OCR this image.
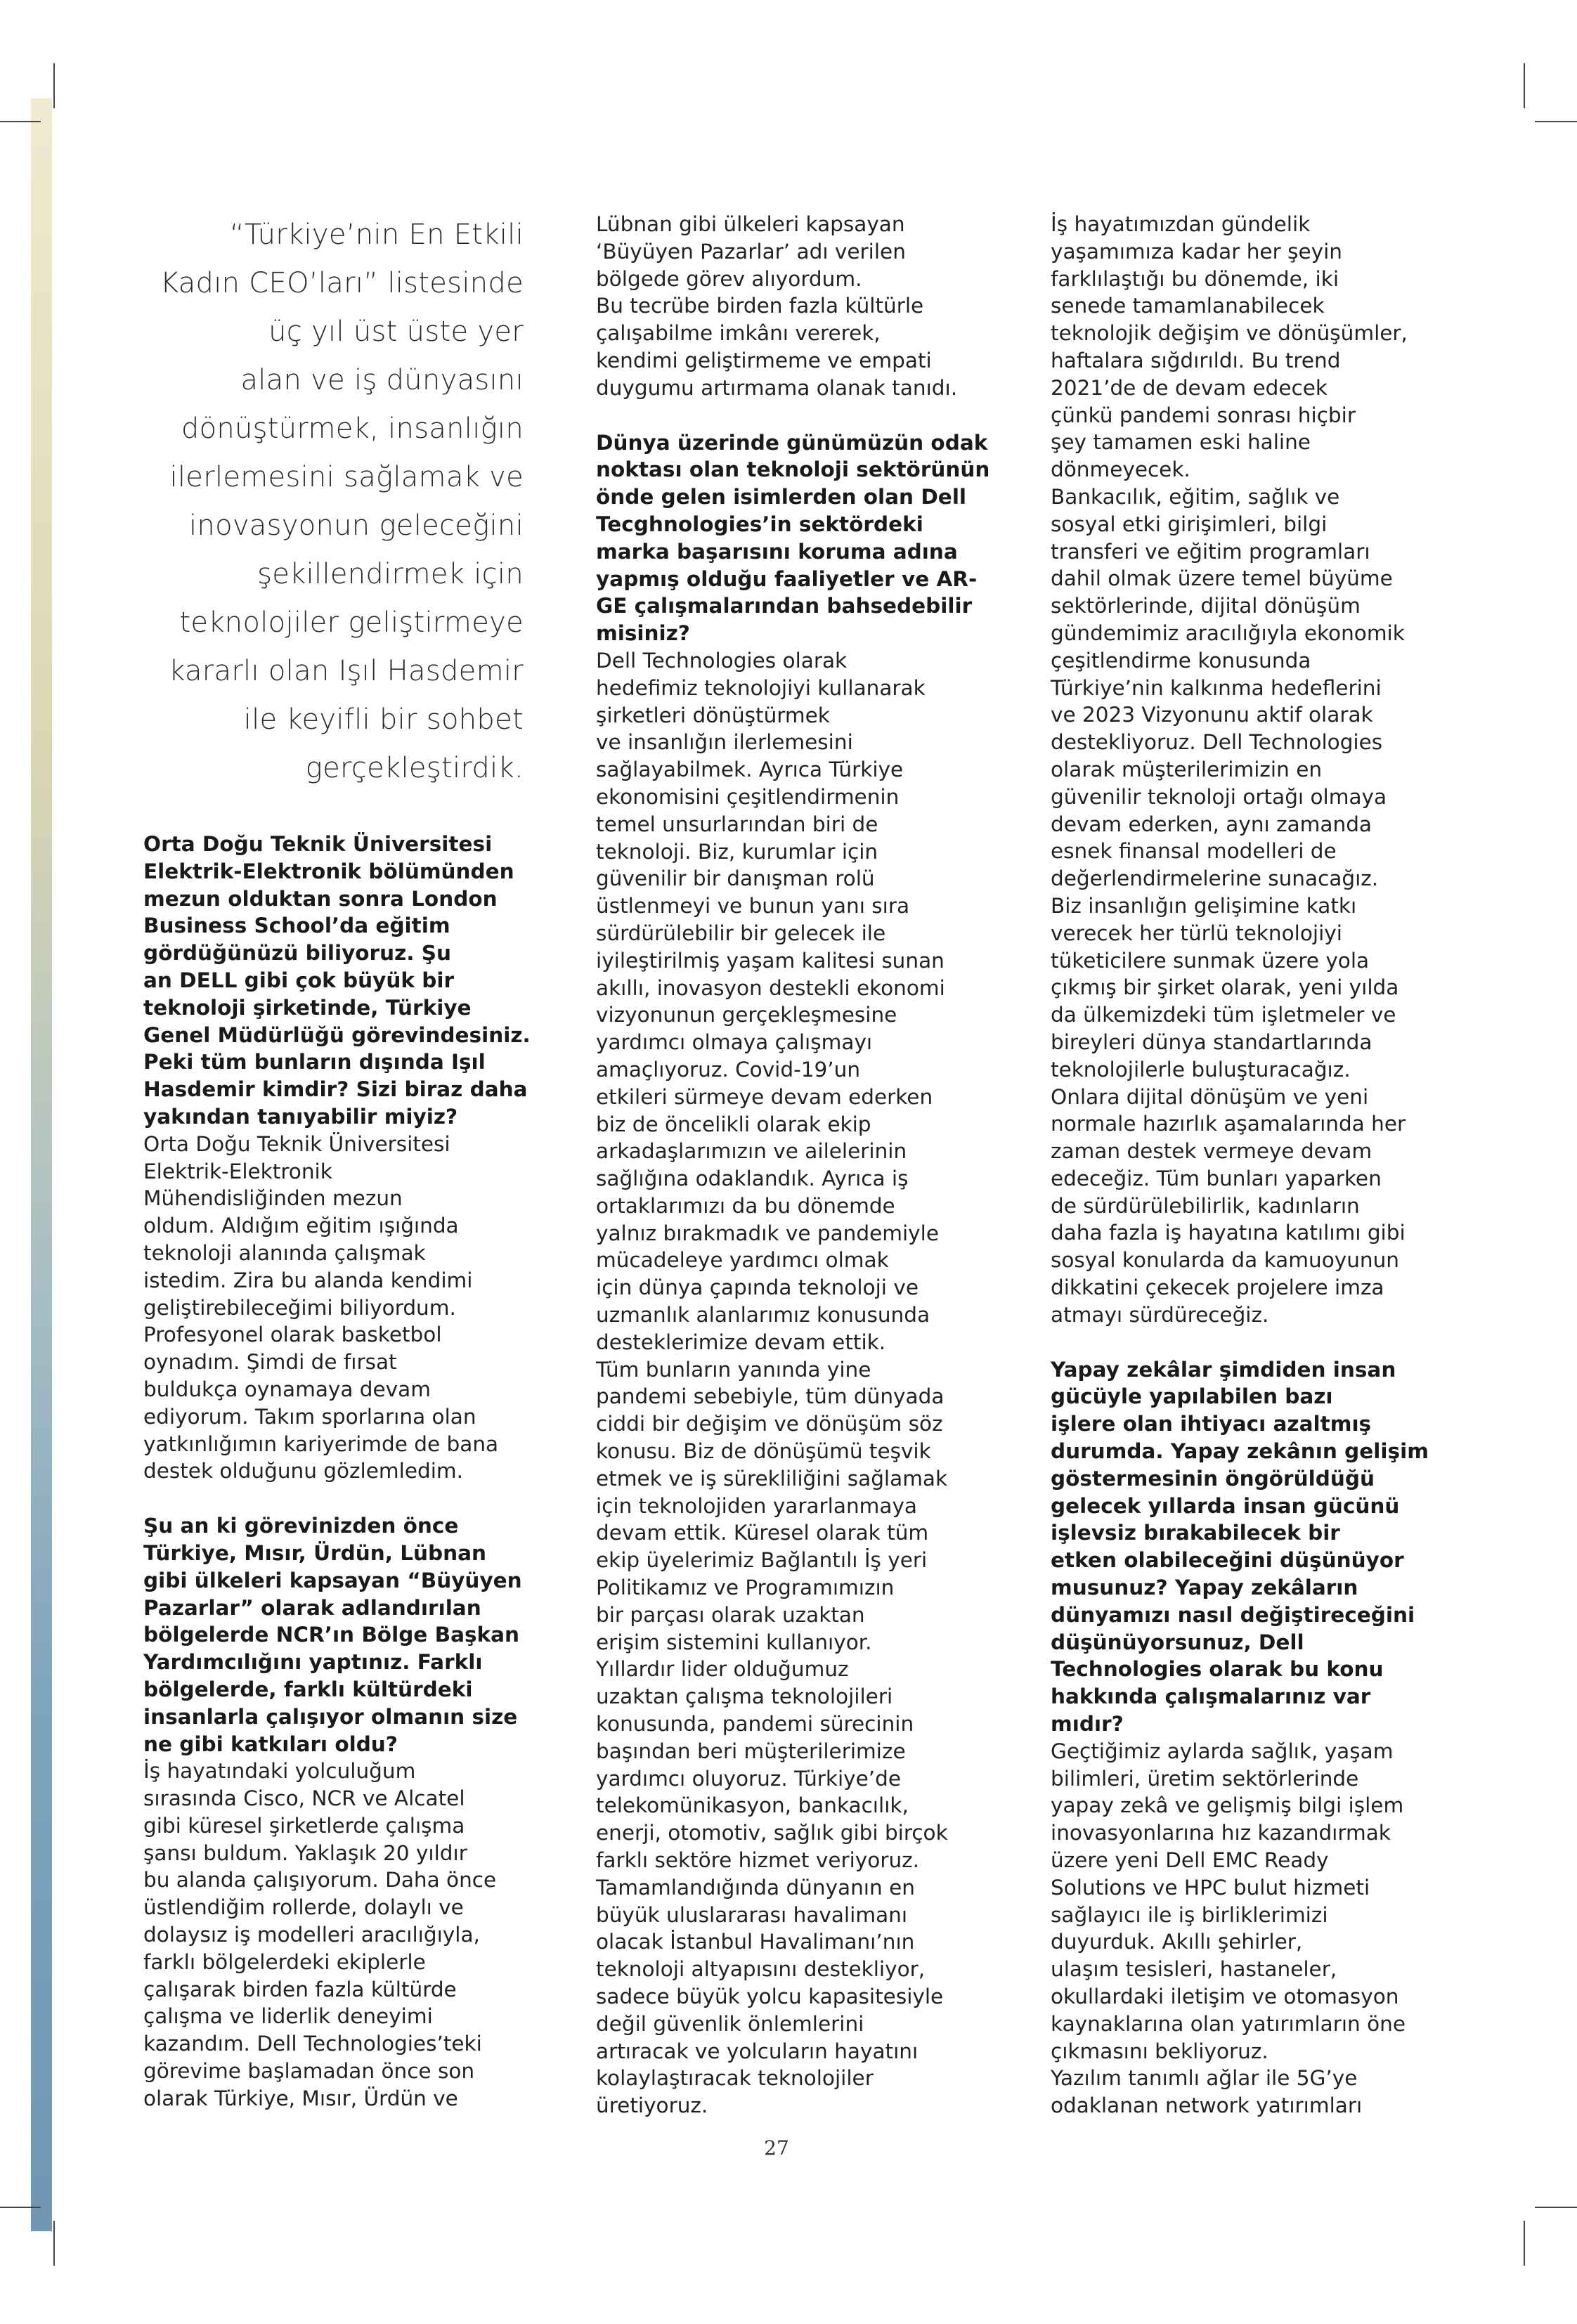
“Türkiye’nin En Etkili
Kadın CEO’ları” listesinde
üç yıl üst üste yer
alan ve iş dünyasını
dönüştürmek, insanlığın
ilerlemesini sağlamak ve
inovasyonun geleceğini
şekillendirmek için
teknolojiler geliştirmeye
kararlı olan Işıl Hasdemir
ile keyifli bir sohbet
gerçekleştirdik.
Orta Doğu Teknik Üniversitesi
Elektrik-Elektronik bölümünden
mezun olduktan sonra London
Business School’da eğitim
gördüğünüzü biliyoruz. Şu
an DELL gibi çok büyük bir
teknoloji şirketinde, Türkiye
Genel Müdürlüğü görevindesiniz.
Peki tüm bunların dışında Işıl
Hasdemir kimdir? Sizi biraz daha
yakından tanıyabilir miyiz?
Orta Doğu Teknik Üniversitesi
Elektrik-Elektronik
Mühendisliğinden mezun
oldum. Aldığım eğitim ışığında
teknoloji alanında çalışmak
istedim. Zira bu alanda kendimi
geliştirebileceğimi biliyordum.
Profesyonel olarak basketbol
oynadım. Şimdi de fırsat
buldukça oynamaya devam
ediyorum. Takım sporlarına olan
yatkınlığımın kariyerimde de bana
destek olduğunu gözlemledim.
Şu an ki görevinizden önce
Türkiye, Mısır, Ürdün, Lübnan
gibi ülkeleri kapsayan “Büyüyen
Pazarlar” olarak adlandırılan
bölgelerde NCR’ın Bölge Başkan
Yardımcılığını yaptınız. Farklı
bölgelerde, farklı kültürdeki
insanlarla çalışıyor olmanın size
ne gibi katkıları oldu?
İş hayatındaki yolculuğum
sırasında Cisco, NCR ve Alcatel
gibi küresel şirketlerde çalışma
şansı buldum. Yaklaşık 20 yıldır
bu alanda çalışıyorum. Daha önce
üstlendiğim rollerde, dolaylı ve
dolaysız iş modelleri aracılığıyla,
farklı bölgelerdeki ekiplerle
çalışarak birden fazla kültürde
çalışma ve liderlik deneyimi
kazandım. Dell Technologies’teki
görevime başlamadan önce son
olarak Türkiye, Mısır, Ürdün ve
Lübnan gibi ülkeleri kapsayan
‘Büyüyen Pazarlar’ adı verilen
bölgede görev alıyordum.
Bu tecrübe birden fazla kültürle
çalışabilme imkânı vererek,
kendimi geliştirmeme ve empati
duygumu artırmama olanak tanıdı.
Dünya üzerinde günümüzün odak
noktası olan teknoloji sektörünün
önde gelen isimlerden olan Dell
Tecghnologies’in sektördeki
marka başarısını koruma adına
yapmış olduğu faaliyetler ve AR-
GE çalışmalarından bahsedebilir
misiniz?
Dell Technologies olarak
hedefimiz teknolojiyi kullanarak
şirketleri dönüştürmek
ve insanlığın ilerlemesini
sağlayabilmek. Ayrıca Türkiye
ekonomisini çeşitlendirmenin
temel unsurlarından biri de
teknoloji. Biz, kurumlar için
güvenilir bir danışman rolü
üstlenmeyi ve bunun yanı sıra
sürdürülebilir bir gelecek ile
iyileştirilmiş yaşam kalitesi sunan
akıllı, inovasyon destekli ekonomi
vizyonunun gerçekleşmesine
yardımcı olmaya çalışmayı
amaçlıyoruz. Covid-19’un
etkileri sürmeye devam ederken
biz de öncelikli olarak ekip
arkadaşlarımızın ve ailelerinin
sağlığına odaklandık. Ayrıca iş
ortaklarımızı da bu dönemde
yalnız bırakmadık ve pandemiyle
mücadeleye yardımcı olmak
için dünya çapında teknoloji ve
uzmanlık alanlarımız konusunda
desteklerimize devam ettik.
Tüm bunların yanında yine
pandemi sebebiyle, tüm dünyada
ciddi bir değişim ve dönüşüm söz
konusu. Biz de dönüşümü teşvik
etmek ve iş sürekliliğini sağlamak
için teknolojiden yararlanmaya
devam ettik. Küresel olarak tüm
ekip üyelerimiz Bağlantılı İş yeri
Politikamız ve Programımızın
bir parçası olarak uzaktan
erişim sistemini kullanıyor.
Yıllardır lider olduğumuz
uzaktan çalışma teknolojileri
konusunda, pandemi sürecinin
başından beri müşterilerimize
yardımcı oluyoruz. Türkiye’de
telekomünikasyon, bankacılık,
enerji, otomotiv, sağlık gibi birçok
farklı sektöre hizmet veriyoruz.
Tamamlandığında dünyanın en
büyük uluslararası havalimanı
olacak İstanbul Havalimanı’nın
teknoloji altyapısını destekliyor,
sadece büyük yolcu kapasitesiyle
değil güvenlik önlemlerini
artıracak ve yolcuların hayatını
kolaylaştıracak teknolojiler
üretiyoruz.
İş hayatımızdan gündelik
yaşamımıza kadar her şeyin
farklılaştığı bu dönemde, iki
senede tamamlanabilecek
teknolojik değişim ve dönüşümler,
haftalara sığdırıldı. Bu trend
2021’de de devam edecek
çünkü pandemi sonrası hiçbir
şey tamamen eski haline
dönmeyecek.
Bankacılık, eğitim, sağlık ve
sosyal etki girişimleri, bilgi
transferi ve eğitim programları
dahil olmak üzere temel büyüme
sektörlerinde, dijital dönüşüm
gündemimiz aracılığıyla ekonomik
çeşitlendirme konusunda
Türkiye’nin kalkınma hedeflerini
ve 2023 Vizyonunu aktif olarak
destekliyoruz. Dell Technologies
olarak müşterilerimizin en
güvenilir teknoloji ortağı olmaya
devam ederken, aynı zamanda
esnek finansal modelleri de
değerlendirmelerine sunacağız.
Biz insanlığın gelişimine katkı
verecek her türlü teknolojiyi
tüketicilere sunmak üzere yola
çıkmış bir şirket olarak, yeni yılda
da ülkemizdeki tüm işletmeler ve
bireyleri dünya standartlarında
teknolojilerle buluşturacağız.
Onlara dijital dönüşüm ve yeni
normale hazırlık aşamalarında her
zaman destek vermeye devam
edeceğiz. Tüm bunları yaparken
de sürdürülebilirlik, kadınların
daha fazla iş hayatına katılımı gibi
sosyal konularda da kamuoyunun
dikkatini çekecek projelere imza
atmayı sürdüreceğiz.
Yapay zekâlar şimdiden insan
gücüyle yapılabilen bazı
işlere olan ihtiyacı azaltmış
durumda. Yapay zekânın gelişim
göstermesinin öngörüldüğü
gelecek yıllarda insan gücünü
işlevsiz bırakabilecek bir
etken olabileceğini düşünüyor
musunuz? Yapay zekâların
dünyamızı nasıl değiştireceğini
düşünüyorsunuz, Dell
Technologies olarak bu konu
hakkında çalışmalarınız var
mıdır?
Geçtiğimiz aylarda sağlık, yaşam
bilimleri, üretim sektörlerinde
yapay zekâ ve gelişmiş bilgi işlem
inovasyonlarına hız kazandırmak
üzere yeni Dell EMC Ready
Solutions ve HPC bulut hizmeti
sağlayıcı ile iş birliklerimizi
duyurduk. Akıllı şehirler,
ulaşım tesisleri, hastaneler,
okullardaki iletişim ve otomasyon
kaynaklarına olan yatırımların öne
çıkmasını bekliyoruz.
Yazılım tanımlı ağlar ile 5G’ye
odaklanan network yatırımları
27
